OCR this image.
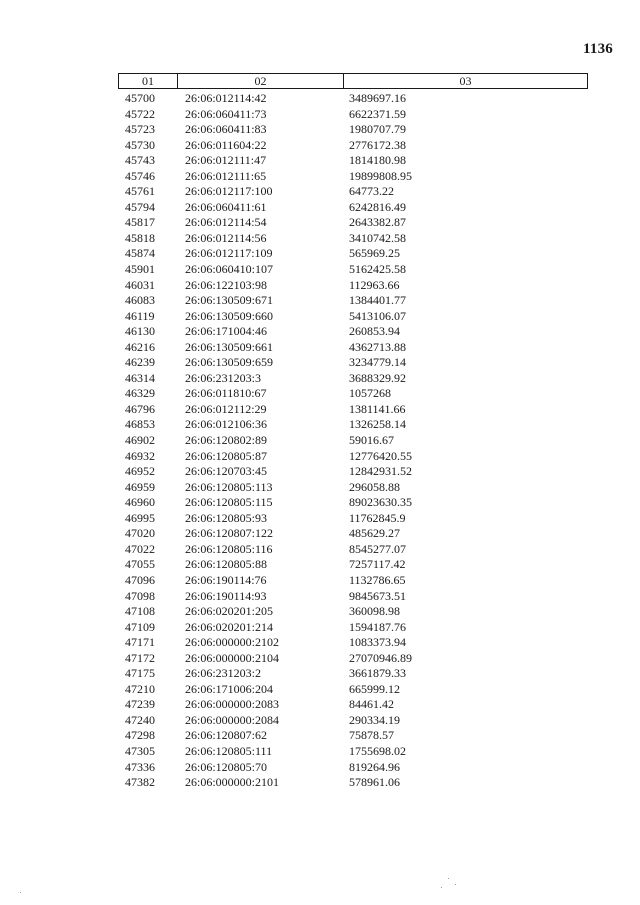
1136
01	02	03
45700	26:06:012114:42	3489697.16
45722	26:06:060411:73	6622371.59
45723	26:06:060411:83	1980707.79
45730	26:06:011604:22	2776172.38
45743	26:06:012111:47	1814180.98
45746	26:06:012111:65	19899808.95
45761	26:06:012117:100	64773.22
45794	26:06:060411:61	6242816.49
45817	26:06:012114:54	2643382.87
45818	26:06:012114:56	3410742.58
45874	26:06:012117:109	565969.25
45901	26:06:060410:107	5162425.58
46031	26:06:122103:98	112963.66
46083	26:06:130509:671	1384401.77
46119	26:06:130509:660	5413106.07
46130	26:06:171004:46	260853.94
46216	26:06:130509:661	4362713.88
46239	26:06:130509:659	3234779.14
46314	26:06:231203:3	3688329.92
46329	26:06:011810:67	1057268
46796	26:06:012112:29	1381141.66
46853	26:06:012106:36	1326258.14
46902	26:06:120802:89	59016.67
46932	26:06:120805:87	12776420.55
46952	26:06:120703:45	12842931.52
46959	26:06:120805:113	296058.88
46960	26:06:120805:115	89023630.35
46995	26:06:120805:93	11762845.9
47020	26:06:120807:122	485629.27
47022	26:06:120805:116	8545277.07
47055	26:06:120805:88	7257117.42
47096	26:06:190114:76	1132786.65
47098	26:06:190114:93	9845673.51
47108	26:06:020201:205	360098.98
47109	26:06:020201:214	1594187.76
47171	26:06:000000:2102	1083373.94
47172	26:06:000000:2104	27070946.89
47175	26:06:231203:2	3661879.33
47210	26:06:171006:204	665999.12
47239	26:06:000000:2083	84461.42
47240	26:06:000000:2084	290334.19
47298	26:06:120807:62	75878.57
47305	26:06:120805:111	1755698.02
47336	26:06:120805:70	819264.96
47382	26:06:000000:2101	578961.06
